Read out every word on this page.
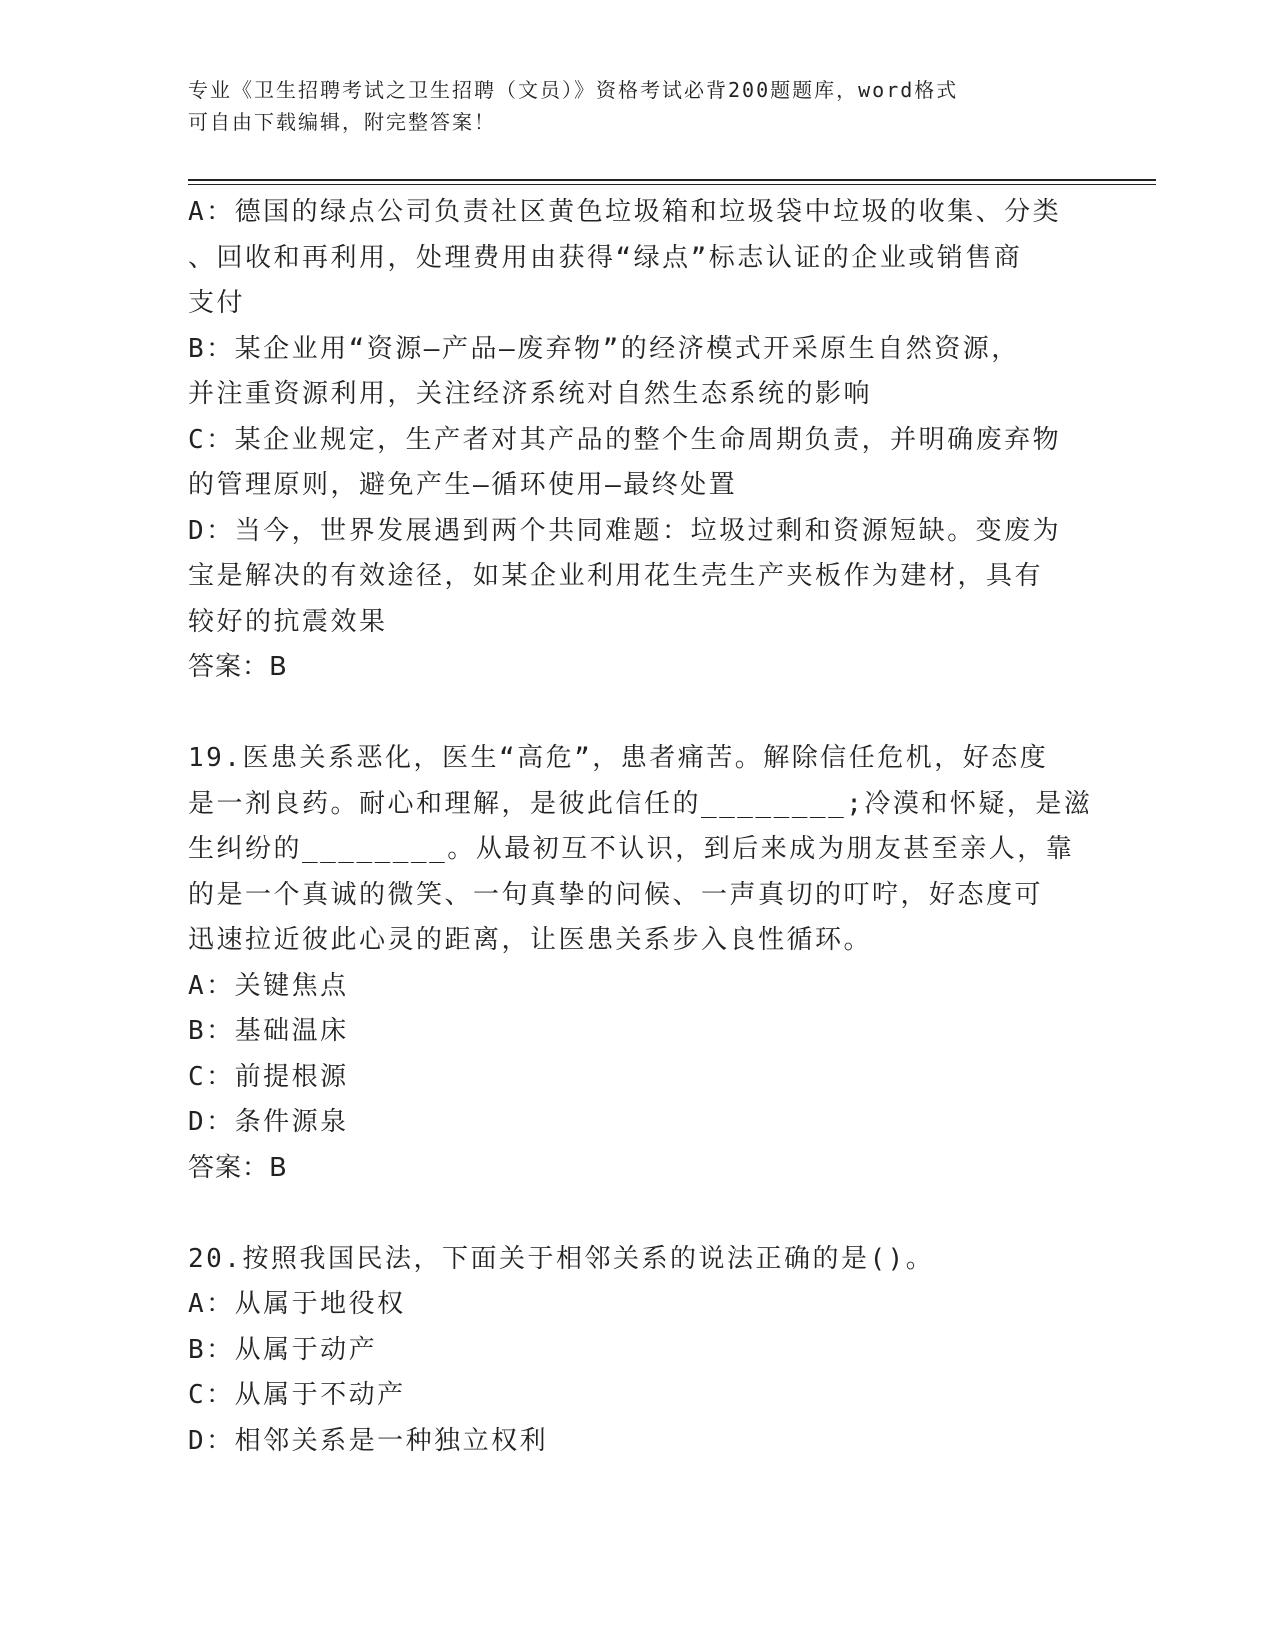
专业《卫生招聘考试之卫生招聘（文员）》资格考试必背200题题库，word格式
可自由下载编辑，附完整答案！
A：德国的绿点公司负责社区黄色垃圾箱和垃圾袋中垃圾的收集、分类
、回收和再利用，处理费用由获得“绿点”标志认证的企业或销售商
支付
B：某企业用“资源—产品—废弃物”的经济模式开采原生自然资源，
并注重资源利用，关注经济系统对自然生态系统的影响
C：某企业规定，生产者对其产品的整个生命周期负责，并明确废弃物
的管理原则，避免产生—循环使用—最终处置
D：当今，世界发展遇到两个共同难题：垃圾过剩和资源短缺。变废为
宝是解决的有效途径，如某企业利用花生壳生产夹板作为建材，具有
较好的抗震效果
答案：B
19.医患关系恶化，医生“高危”，患者痛苦。解除信任危机，好态度
是一剂良药。耐心和理解，是彼此信任的________;冷漠和怀疑，是滋
生纠纷的________。从最初互不认识，到后来成为朋友甚至亲人，靠
的是一个真诚的微笑、一句真挚的问候、一声真切的叮咛，好态度可
迅速拉近彼此心灵的距离，让医患关系步入良性循环。
A：关键焦点
B：基础温床
C：前提根源
D：条件源泉
答案：B
20.按照我国民法，下面关于相邻关系的说法正确的是()。
A：从属于地役权
B：从属于动产
C：从属于不动产
D：相邻关系是一种独立权利
